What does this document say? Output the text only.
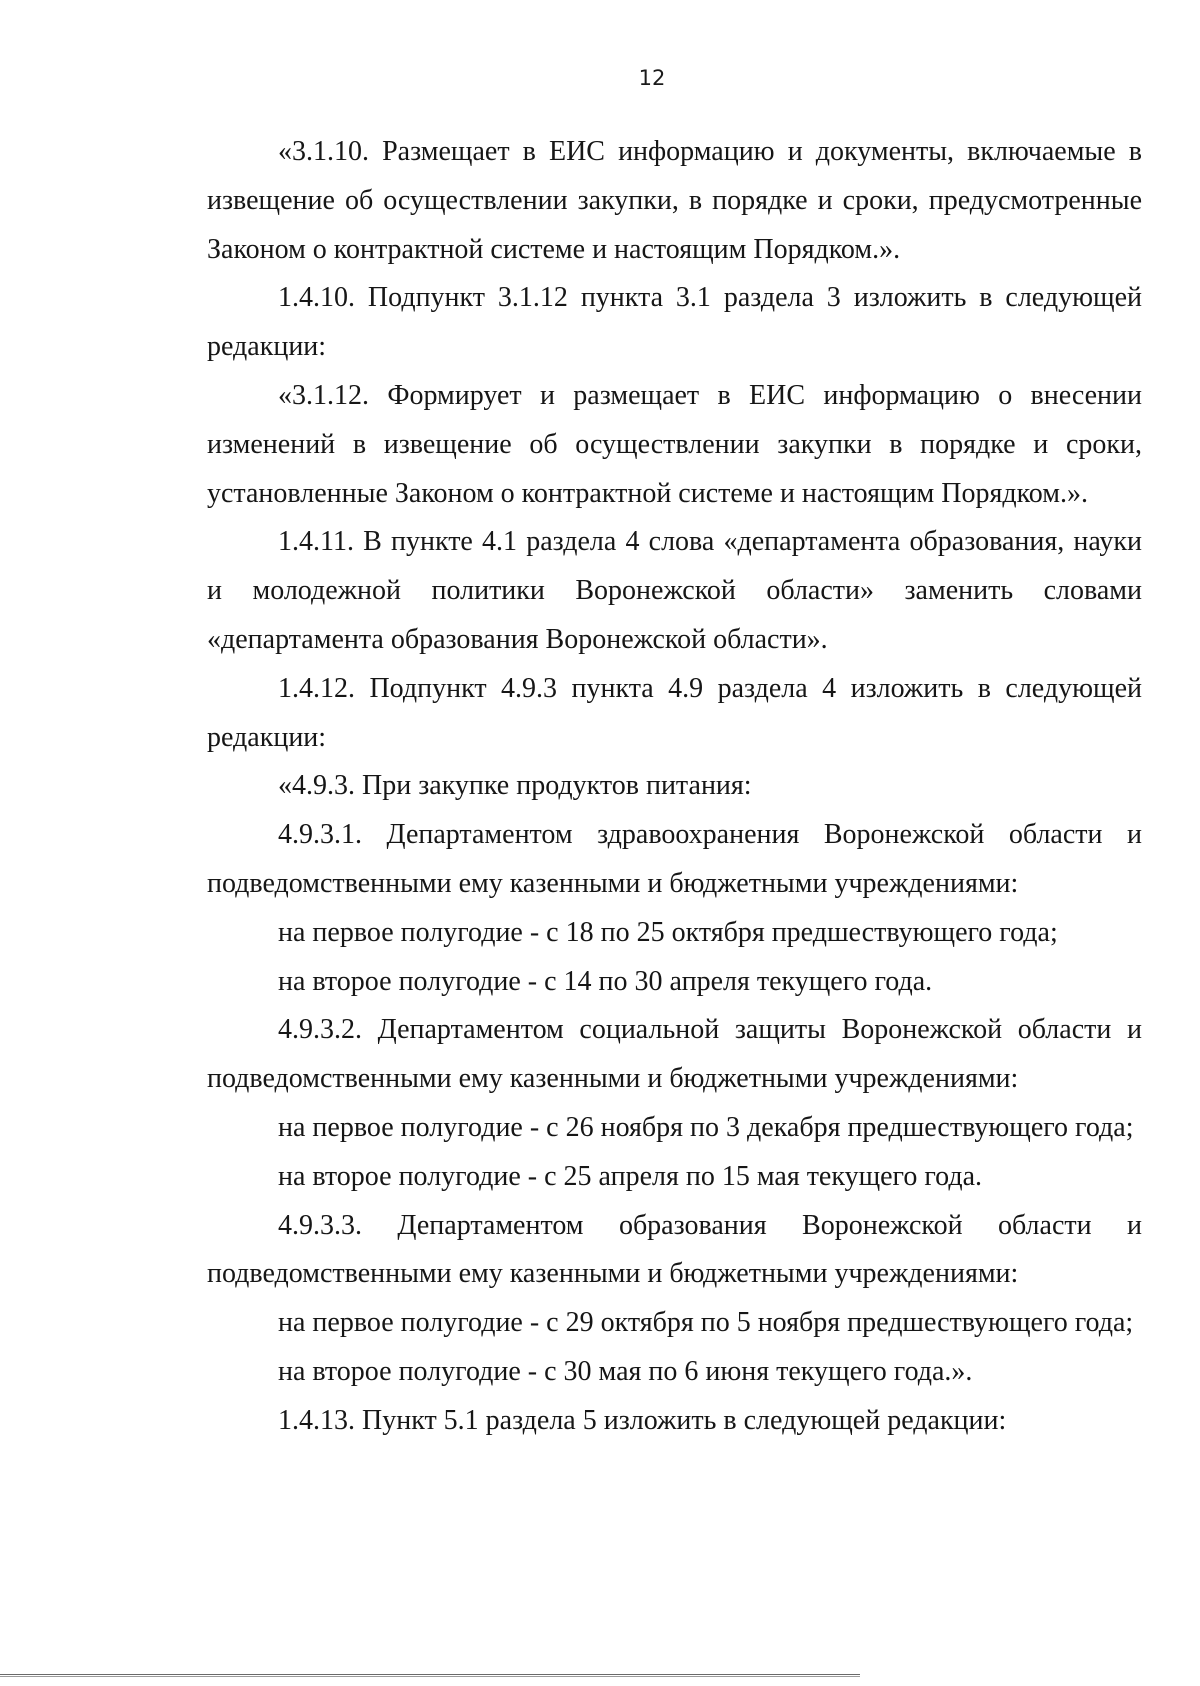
12

«3.1.10. Размещает в ЕИС информацию и документы, включаемые в извещение об осуществлении закупки, в порядке и сроки, предусмотренные Законом о контрактной системе и настоящим Порядком.».

1.4.10. Подпункт 3.1.12 пункта 3.1 раздела 3 изложить в следующей редакции:

«3.1.12. Формирует и размещает в ЕИС информацию о внесении изменений в извещение об осуществлении закупки в порядке и сроки, установленные Законом о контрактной системе и настоящим Порядком.».

1.4.11. В пункте 4.1 раздела 4 слова «департамента образования, науки и молодежной политики Воронежской области» заменить словами «департамента образования Воронежской области».

1.4.12. Подпункт 4.9.3 пункта 4.9 раздела 4 изложить в следующей редакции:

«4.9.3. При закупке продуктов питания:

4.9.3.1. Департаментом здравоохранения Воронежской области и подведомственными ему казенными и бюджетными учреждениями:

на первое полугодие - с 18 по 25 октября предшествующего года;

на второе полугодие - с 14 по 30 апреля текущего года.

4.9.3.2. Департаментом социальной защиты Воронежской области и подведомственными ему казенными и бюджетными учреждениями:

на первое полугодие - с 26 ноября по 3 декабря предшествующего года;

на второе полугодие - с 25 апреля по 15 мая текущего года.

4.9.3.3. Департаментом образования Воронежской области и подведомственными ему казенными и бюджетными учреждениями:

на первое полугодие - с 29 октября по 5 ноября предшествующего года;

на второе полугодие - с 30 мая по 6 июня текущего года.».

1.4.13. Пункт 5.1 раздела 5 изложить в следующей редакции:
